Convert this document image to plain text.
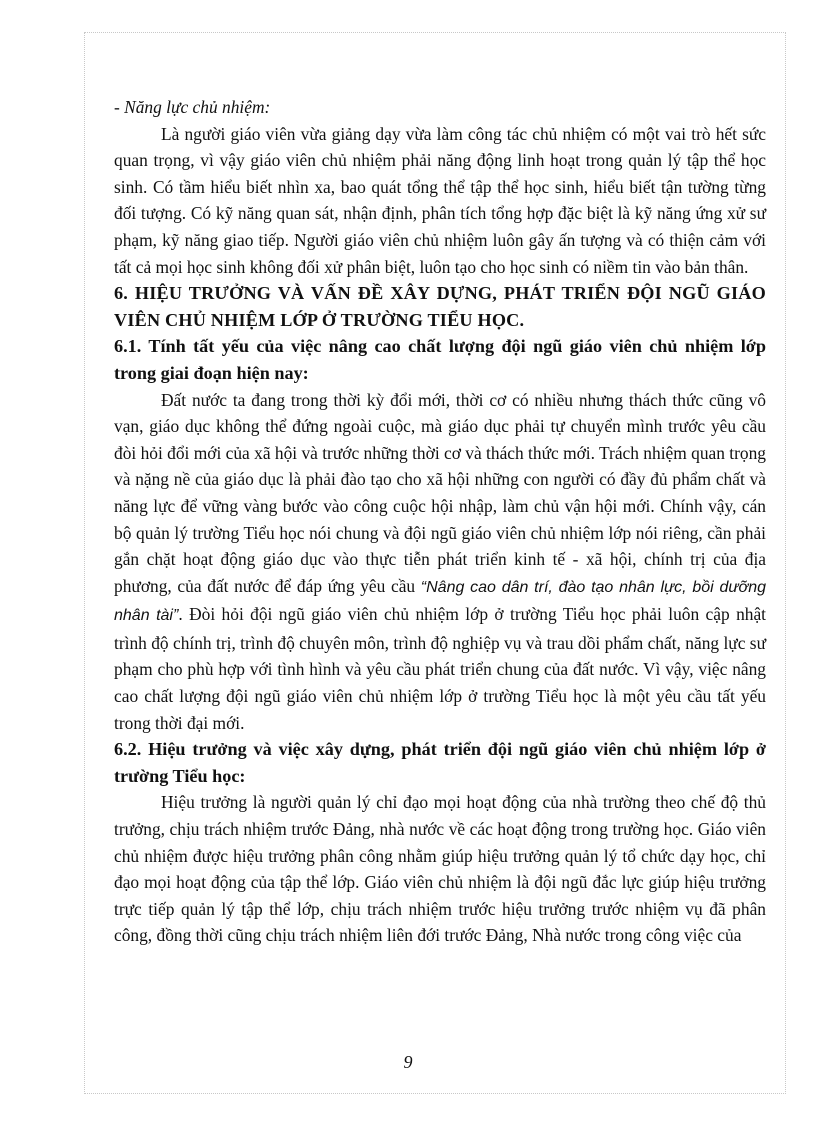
- Năng lực chủ nhiệm:

Là người giáo viên vừa giảng dạy vừa làm công tác chủ nhiệm có một vai trò hết sức quan trọng, vì vậy giáo viên chủ nhiệm phải năng động linh hoạt trong quản lý tập thể học sinh. Có tầm hiểu biết nhìn xa, bao quát tổng thể tập thể học sinh, hiểu biết tận tường từng đối tượng. Có kỹ năng quan sát, nhận định, phân tích tổng hợp đặc biệt là kỹ năng ứng xử sư phạm, kỹ năng giao tiếp. Người giáo viên chủ nhiệm luôn gây ấn tượng và có thiện cảm với tất cả mọi học sinh không đối xử phân biệt, luôn tạo cho học sinh có niềm tin vào bản thân.

6. HIỆU TRƯỞNG VÀ VẤN ĐỀ XÂY DỰNG, PHÁT TRIỂN ĐỘI NGŨ GIÁO VIÊN CHỦ NHIỆM LỚP Ở TRƯỜNG TIỂU HỌC.

6.1. Tính tất yếu của việc nâng cao chất lượng đội ngũ giáo viên chủ nhiệm lớp trong giai đoạn hiện nay:

Đất nước ta đang trong thời kỳ đổi mới, thời cơ có nhiều nhưng thách thức cũng vô vạn, giáo dục không thể đứng ngoài cuộc, mà giáo dục phải tự chuyển mình trước yêu cầu đòi hỏi đổi mới của xã hội và trước những thời cơ và thách thức mới. Trách nhiệm quan trọng và nặng nề của giáo dục là phải đào tạo cho xã hội những con người có đầy đủ phẩm chất và năng lực để vững vàng bước vào công cuộc hội nhập, làm chủ vận hội mới. Chính vậy, cán bộ quản lý trường Tiểu học nói chung và đội ngũ giáo viên chủ nhiệm lớp nói riêng, cần phải gắn chặt hoạt động giáo dục vào thực tiễn phát triển kinh tế - xã hội, chính trị của địa phương, của đất nước để đáp ứng yêu cầu “Nâng cao dân trí, đào tạo nhân lực, bồi dưỡng nhân tài”. Đòi hỏi đội ngũ giáo viên chủ nhiệm lớp ở trường Tiểu học phải luôn cập nhật trình độ chính trị, trình độ chuyên môn, trình độ nghiệp vụ và trau dồi phẩm chất, năng lực sư phạm cho phù hợp với tình hình và yêu cầu phát triển chung của đất nước. Vì vậy, việc nâng cao chất lượng đội ngũ giáo viên chủ nhiệm lớp ở trường Tiểu học là một yêu cầu tất yếu trong thời đại mới.

6.2. Hiệu trưởng và việc xây dựng, phát triển đội ngũ giáo viên chủ nhiệm lớp ở trường Tiểu học:

Hiệu trưởng là người quản lý chỉ đạo mọi hoạt động của nhà trường theo chế độ thủ trưởng, chịu trách nhiệm trước Đảng, nhà nước về các hoạt động trong trường học. Giáo viên chủ nhiệm được hiệu trưởng phân công nhằm giúp hiệu trưởng quản lý tổ chức dạy học, chỉ đạo mọi hoạt động của tập thể lớp. Giáo viên chủ nhiệm là đội ngũ đắc lực giúp hiệu trưởng trực tiếp quản lý tập thể lớp, chịu trách nhiệm trước hiệu trưởng trước nhiệm vụ đã phân công, đồng thời cũng chịu trách nhiệm liên đới trước Đảng, Nhà nước trong công việc của

9
